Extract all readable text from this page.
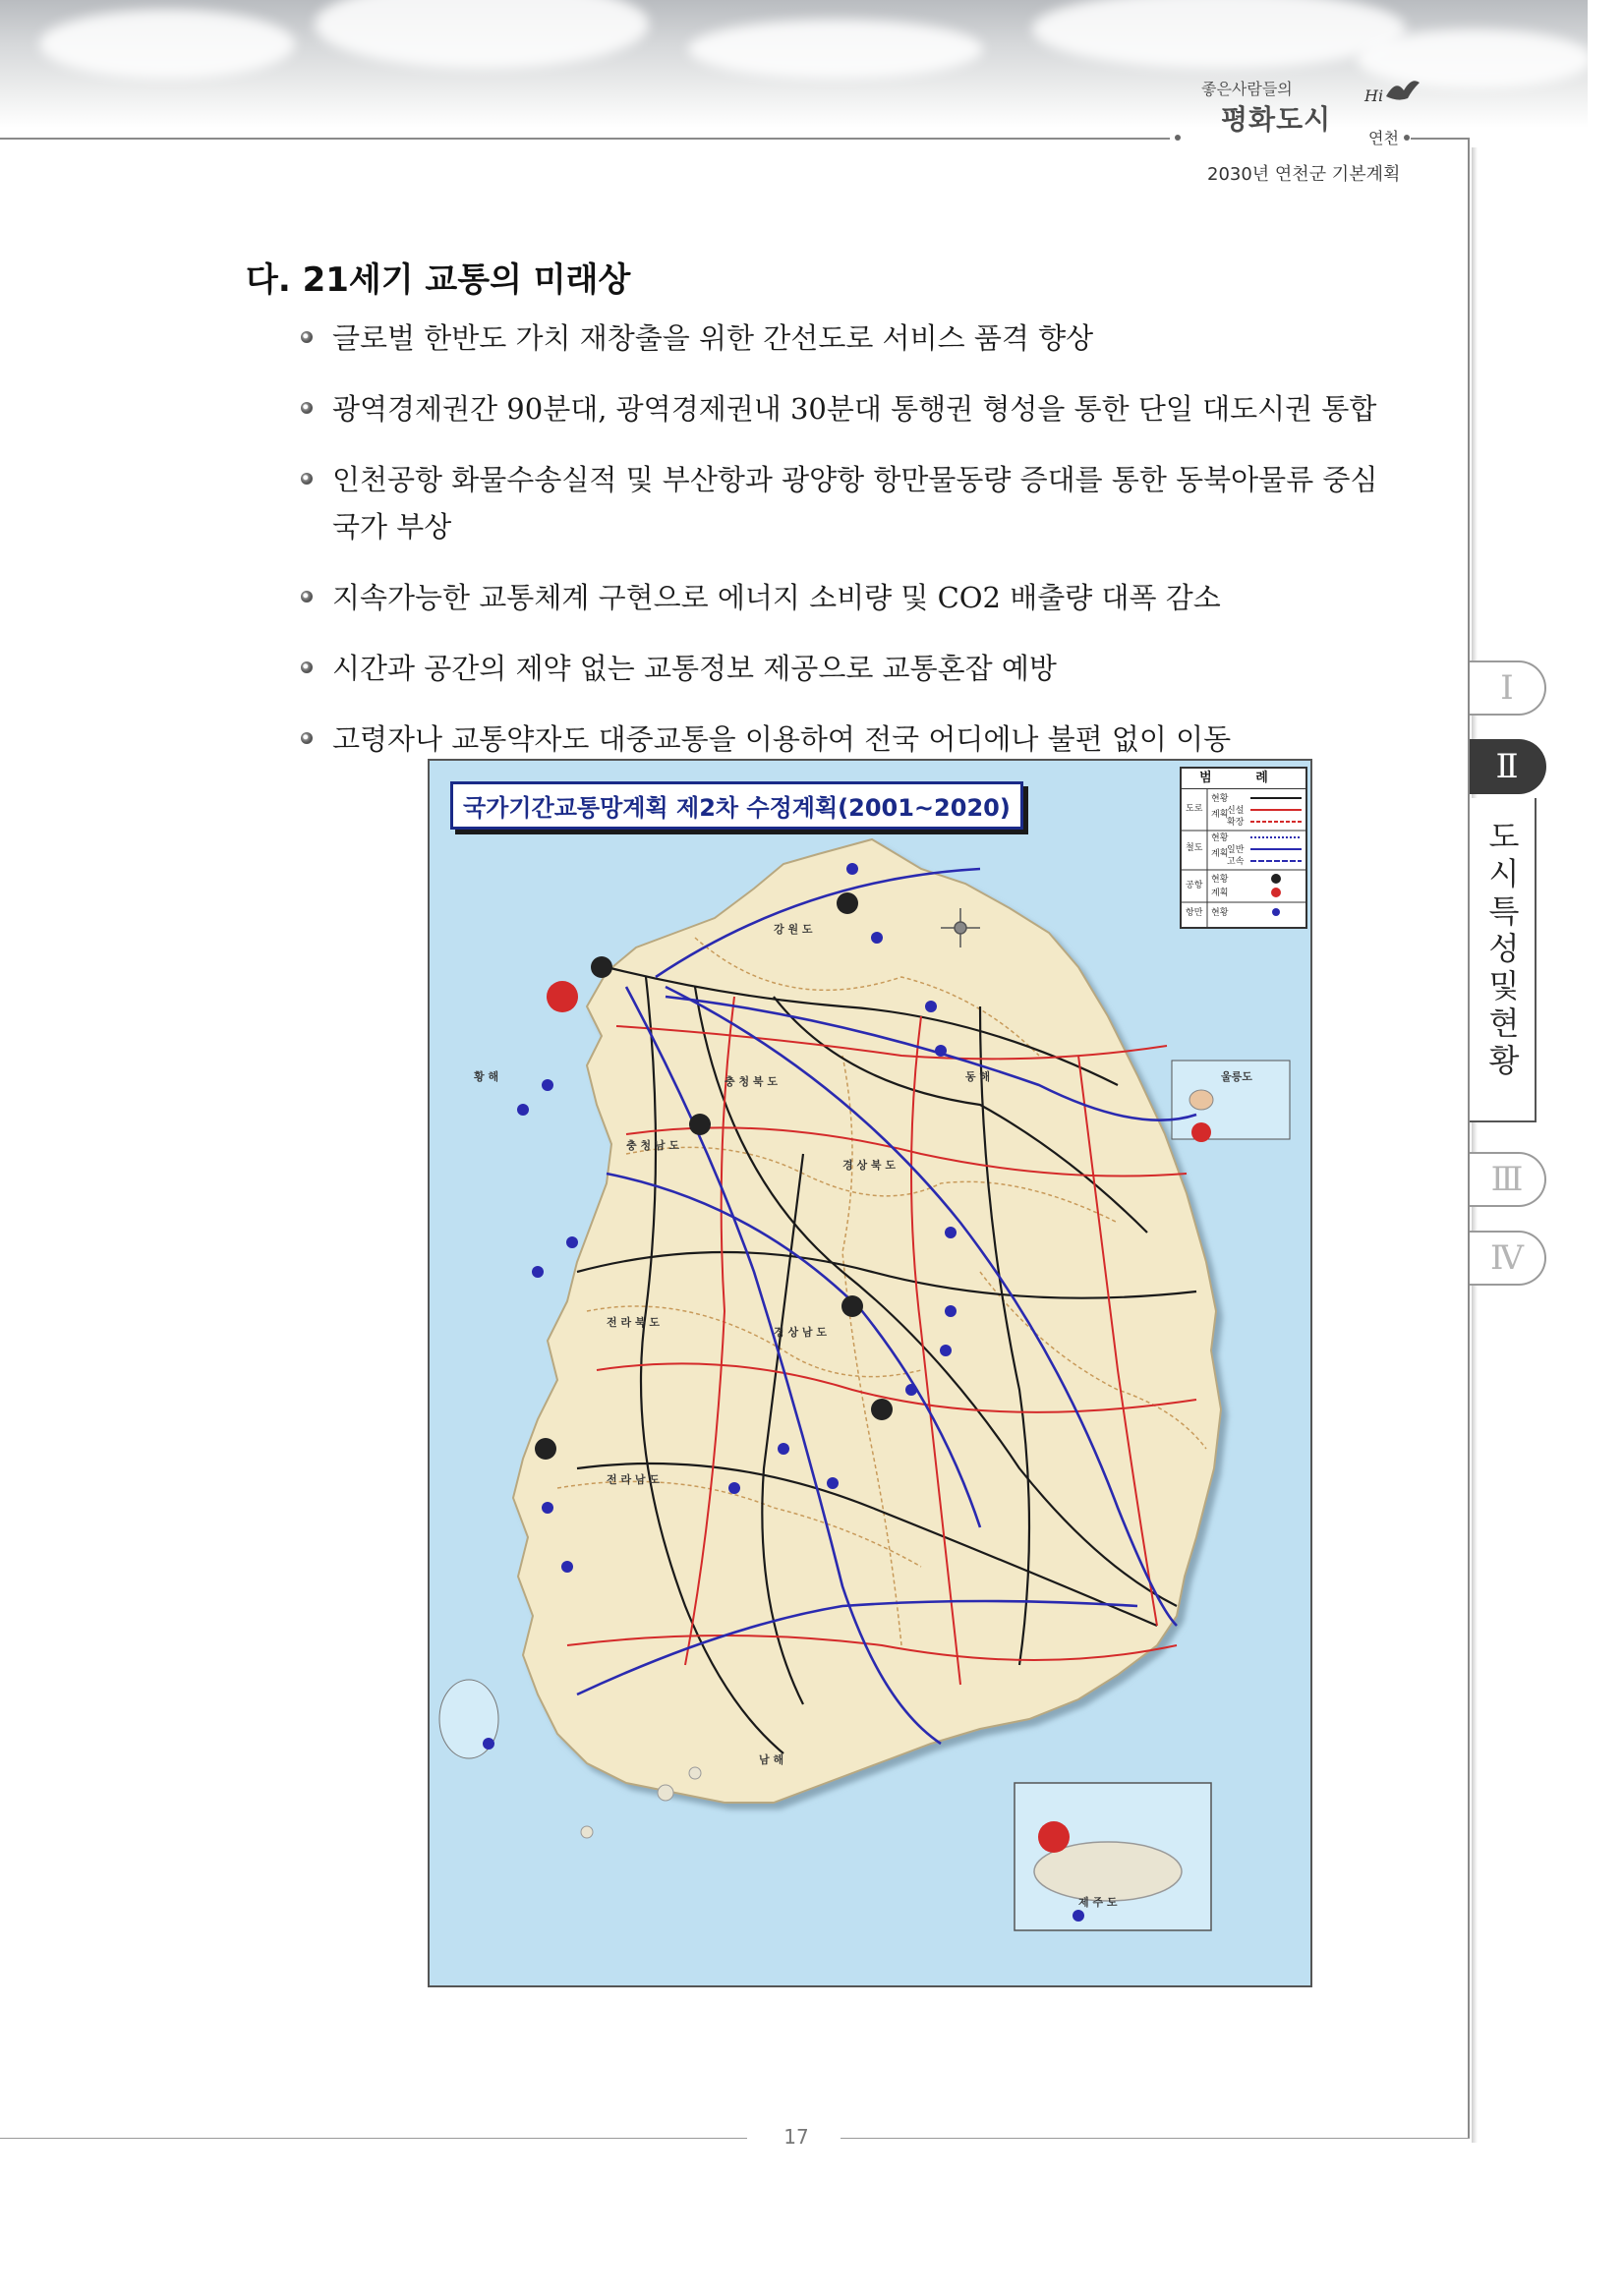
좋은사람들의
평화도시
Hi
연천
2030년 연천군 기본계획
다. 21세기 교통의 미래상
글로벌 한반도 가치 재창출을 위한 간선도로 서비스 품격 향상
광역경제권간 90분대, 광역경제권내 30분대 통행권 형성을 통한 단일 대도시권 통합
인천공항 화물수송실적 및 부산항과 광양항 항만물동량 증대를 통한 동북아물류 중심국가 부상
지속가능한 교통체계 구현으로 에너지 소비량 및 CO2 배출량 대폭 감소
시간과 공간의 제약 없는 교통정보 제공으로 교통혼잡 예방
고령자나 교통약자도 대중교통을 이용하여 전국 어디에나 불편 없이 이동
강 원 도
충 청 북 도
충 청 남 도
경 상 북 도
전 라 북 도
경 상 남 도
전 라 남 도
제 주 도
동 해
황 해
남 해
울릉도
국가기간교통망계획 제2차 수정계획(2001~2020)
범 례
도로
철도
공항
항만
현황
계획
신설
확장
현황
계획
일반
고속
현황
계획
현황
Ⅰ
Ⅱ
도시특성및현황
Ⅲ
Ⅳ
17
